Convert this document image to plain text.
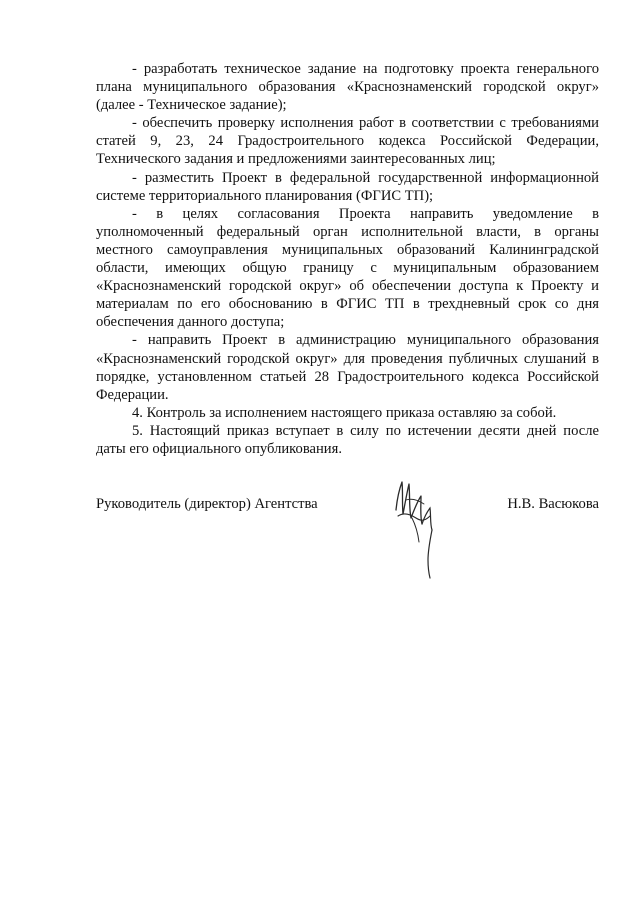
- разработать техническое задание на подготовку проекта генерального плана муниципального образования «Краснознаменский городской округ» (далее - Техническое задание);

- обеспечить проверку исполнения работ в соответствии с требованиями статей 9, 23, 24 Градостроительного кодекса Российской Федерации, Технического задания и предложениями заинтересованных лиц;

- разместить Проект в федеральной государственной информационной системе территориального планирования (ФГИС ТП);

- в целях согласования Проекта направить уведомление в уполномоченный федеральный орган исполнительной власти, в органы местного самоуправления муниципальных образований Калининградской области, имеющих общую границу с муниципальным образованием «Краснознаменский городской округ» об обеспечении доступа к Проекту и материалам по его обоснованию в ФГИС ТП в трехдневный срок со дня обеспечения данного доступа;

- направить Проект в администрацию муниципального образования «Краснознаменский городской округ» для проведения публичных слушаний в порядке, установленном статьей 28 Градостроительного кодекса Российской Федерации.

4. Контроль за исполнением настоящего приказа оставляю за собой.

5. Настоящий приказ вступает в силу по истечении десяти дней после даты его официального опубликования.

Руководитель (директор) Агентства	Н.В. Васюкова
